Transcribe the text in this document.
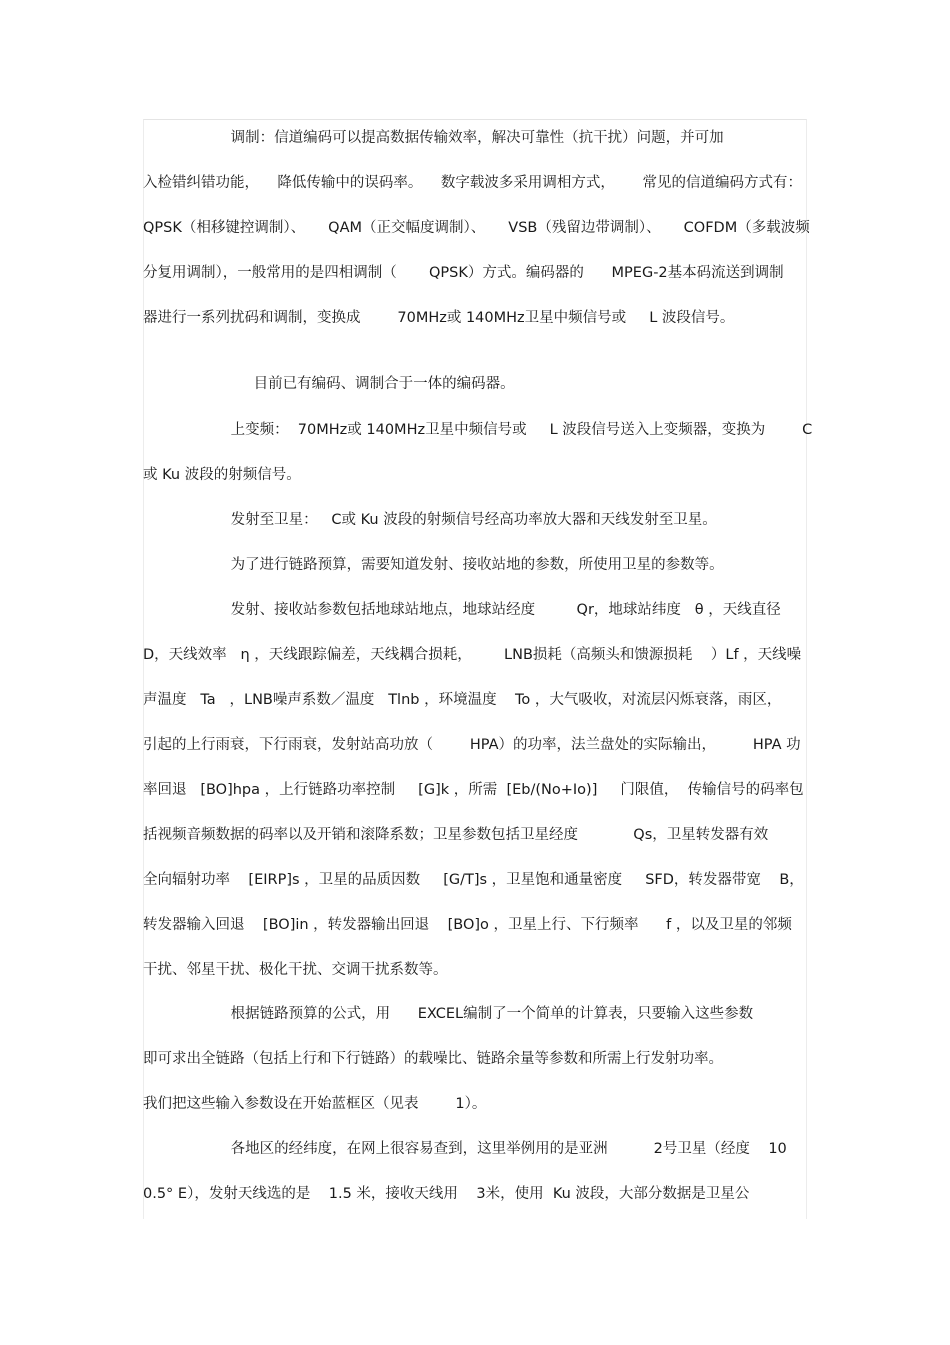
调制：信道编码可以提高数据传输效率，解决可靠性（抗干扰）问题，并可加
入检错纠错功能，    降低传输中的误码率。    数字载波多采用调相方式，      常见的信道编码方式有：
QPSK（相移键控调制）、     QAM（正交幅度调制）、     VSB（残留边带调制）、     COFDM（多载波频
分复用调制），一般常用的是四相调制（       QPSK）方式。编码器的      MPEG-2基本码流送到调制
器进行一系列扰码和调制，变换成        70MHz或 140MHz卫星中频信号或     L 波段信号。
目前已有编码、调制合于一体的编码器。
上变频：  70MHz或 140MHz卫星中频信号或     L 波段信号送入上变频器，变换为        C
或 Ku 波段的射频信号。
发射至卫星：   C或 Ku 波段的射频信号经高功率放大器和天线发射至卫星。
为了进行链路预算，需要知道发射、接收站地的参数，所使用卫星的参数等。
发射、接收站参数包括地球站地点，地球站经度         Qr，地球站纬度   θ ，天线直径
D，天线效率   η ，天线跟踪偏差，天线耦合损耗，       LNB损耗（高频头和馈源损耗    ）Lf ，天线噪
声温度   Ta   ，LNB噪声系数／温度   Tlnb ，环境温度    To ，大气吸收，对流层闪烁衰落，雨区，
引起的上行雨衰，下行雨衰，发射站高功放（        HPA）的功率，法兰盘处的实际输出，        HPA 功
率回退   [BO]hpa ，上行链路功率控制     [G]k ，所需  [Eb/(No+Io)]     门限值，  传输信号的码率包
括视频音频数据的码率以及开销和滚降系数；卫星参数包括卫星经度            Qs，卫星转发器有效
全向辐射功率    [EIRP]s ，卫星的品质因数     [G/T]s ，卫星饱和通量密度     SFD，转发器带宽    B，
转发器输入回退    [BO]in ，转发器输出回退    [BO]o ，卫星上行、下行频率      f ，以及卫星的邻频
干扰、邻星干扰、极化干扰、交调干扰系数等。
根据链路预算的公式，用      EXCEL编制了一个简单的计算表，只要输入这些参数
即可求出全链路（包括上行和下行链路）的载噪比、链路余量等参数和所需上行发射功率。
我们把这些输入参数设在开始蓝框区（见表        1）。
各地区的经纬度，在网上很容易查到，这里举例用的是亚洲          2号卫星（经度    10
0.5° E），发射天线选的是    1.5 米，接收天线用    3米，使用  Ku 波段，大部分数据是卫星公
